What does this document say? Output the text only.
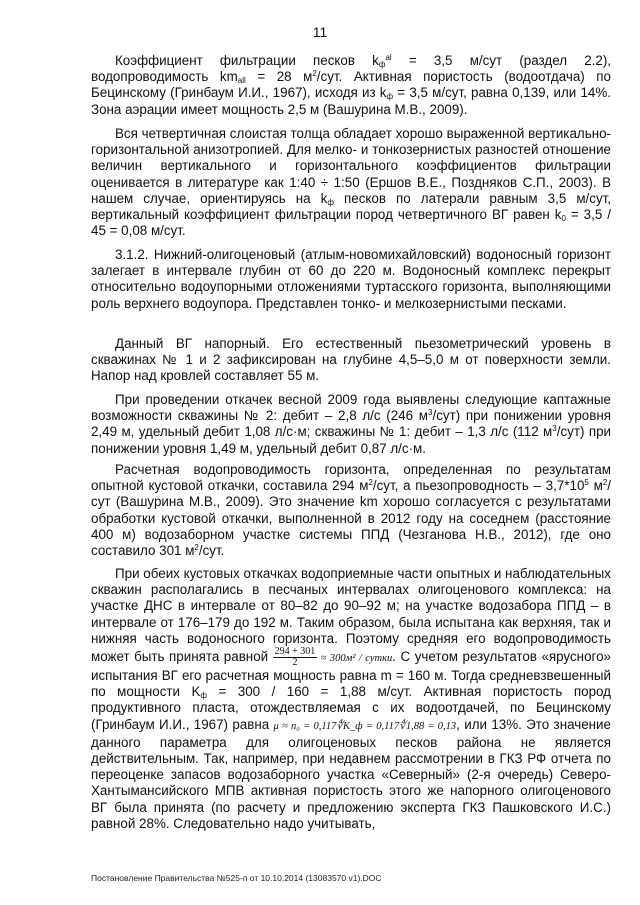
11

Коэффициент фильтрации песков $k_ф^{al} = 3,5$ м/сут (раздел 2.2), водопроводимость $km_{all} = 28$ $м^2$/сут. Активная пористость (водоотдача) по Бецинскому (Гринбаум И.И., 1967), исходя из $k_ф = 3,5$ м/сут, равна 0,139, или 14%. Зона аэрации имеет мощность 2,5 м (Вашурина М.В., 2009).

Вся четвертичная слоистая толща обладает хорошо выраженной вертикально-горизонтальной анизотропией. Для мелко- и тонкозернистых разностей отношение величин вертикального и горизонтального коэффициентов фильтрации оценивается в литературе как 1:40 ÷ 1:50 (Ершов В.Е., Поздняков С.П., 2003). В нашем случае, ориентируясь на $k_ф$ песков по латерали равным 3,5 м/сут, вертикальный коэффициент фильтрации пород четвертичного ВГ равен $k_0 = 3,5 / 45 = 0,08$ м/сут.

3.1.2. Нижний-олигоценовый (атлым-новомихайловский) водоносный горизонт залегает в интервале глубин от 60 до 220 м. Водоносный комплекс перекрыт относительно водоупорными отложениями туртасского горизонта, выполняющими роль верхнего водоупора. Представлен тонко- и мелкозернистыми песками.

Данный ВГ напорный. Его естественный пьезометрический уровень в скважинах № 1 и 2 зафиксирован на глубине 4,5–5,0 м от поверхности земли. Напор над кровлей составляет 55 м.

При проведении откачек весной 2009 года выявлены следующие каптажные возможности скважины № 2: дебит – 2,8 л/с (246 $м^3/сут$) при понижении уровня 2,49 м, удельный дебит 1,08 л/с·м; скважины № 1: дебит – 1,3 л/с (112 $м^3/сут$) при понижении уровня 1,49 м, удельный дебит 0,87 л/с·м.

Расчетная водопроводимость горизонта, определенная по результатам опытной кустовой откачки, составила 294 $м^2$/сут, а пьезопроводность – $3,7*10^5$ $м^2$/сут (Вашурина М.В., 2009). Это значение km хорошо согласуется с результатами обработки кустовой откачки, выполненной в 2012 году на соседнем (расстояние 400 м) водозаборном участке системы ППД (Чезганова Н.В., 2012), где оно составило 301 $м^2$/сут.

При обеих кустовых откачках водоприемные части опытных и наблюдательных скважин располагались в песчаных интервалах олигоценового комплекса: на участке ДНС в интервале от 80–82 до 90–92 м; на участке водозабора ППД – в интервале от 176–179 до 192 м. Таким образом, была испытана как верхняя, так и нижняя часть водоносного горизонта. Поэтому средняя его водопроводимость может быть принята равной $\frac{294 + 301}{2} \approx 300м^2$ / сутки. С учетом результатов «ярусного» испытания ВГ его расчетная мощность равна m = 160 м. Тогда средневзвешенный по мощности $K_ф = 300 / 160 = 1,88$ м/сут. Активная пористость пород продуктивного пласта, отождествляемая с их водоотдачей, по Бецинскому (Гринбаум И.И., 1967) равна μ ≈ n₀ = 0,117∜K_ф = 0,117∜1,88 = 0,13, или 13%. Это значение данного параметра для олигоценовых песков района не является действительным. Так, например, при недавнем рассмотрении в ГКЗ РФ отчета по переоценке запасов водозаборного участка «Северный» (2-я очередь) Северо-Хантымансийского МПВ активная пористость этого же напорного олигоценового ВГ была принята (по расчету и предложению эксперта ГКЗ Пашковского И.С.) равной 28%. Следовательно надо учитывать,

Постановление Правительства №525-п от 10.10.2014 (13083570 v1).DOC
